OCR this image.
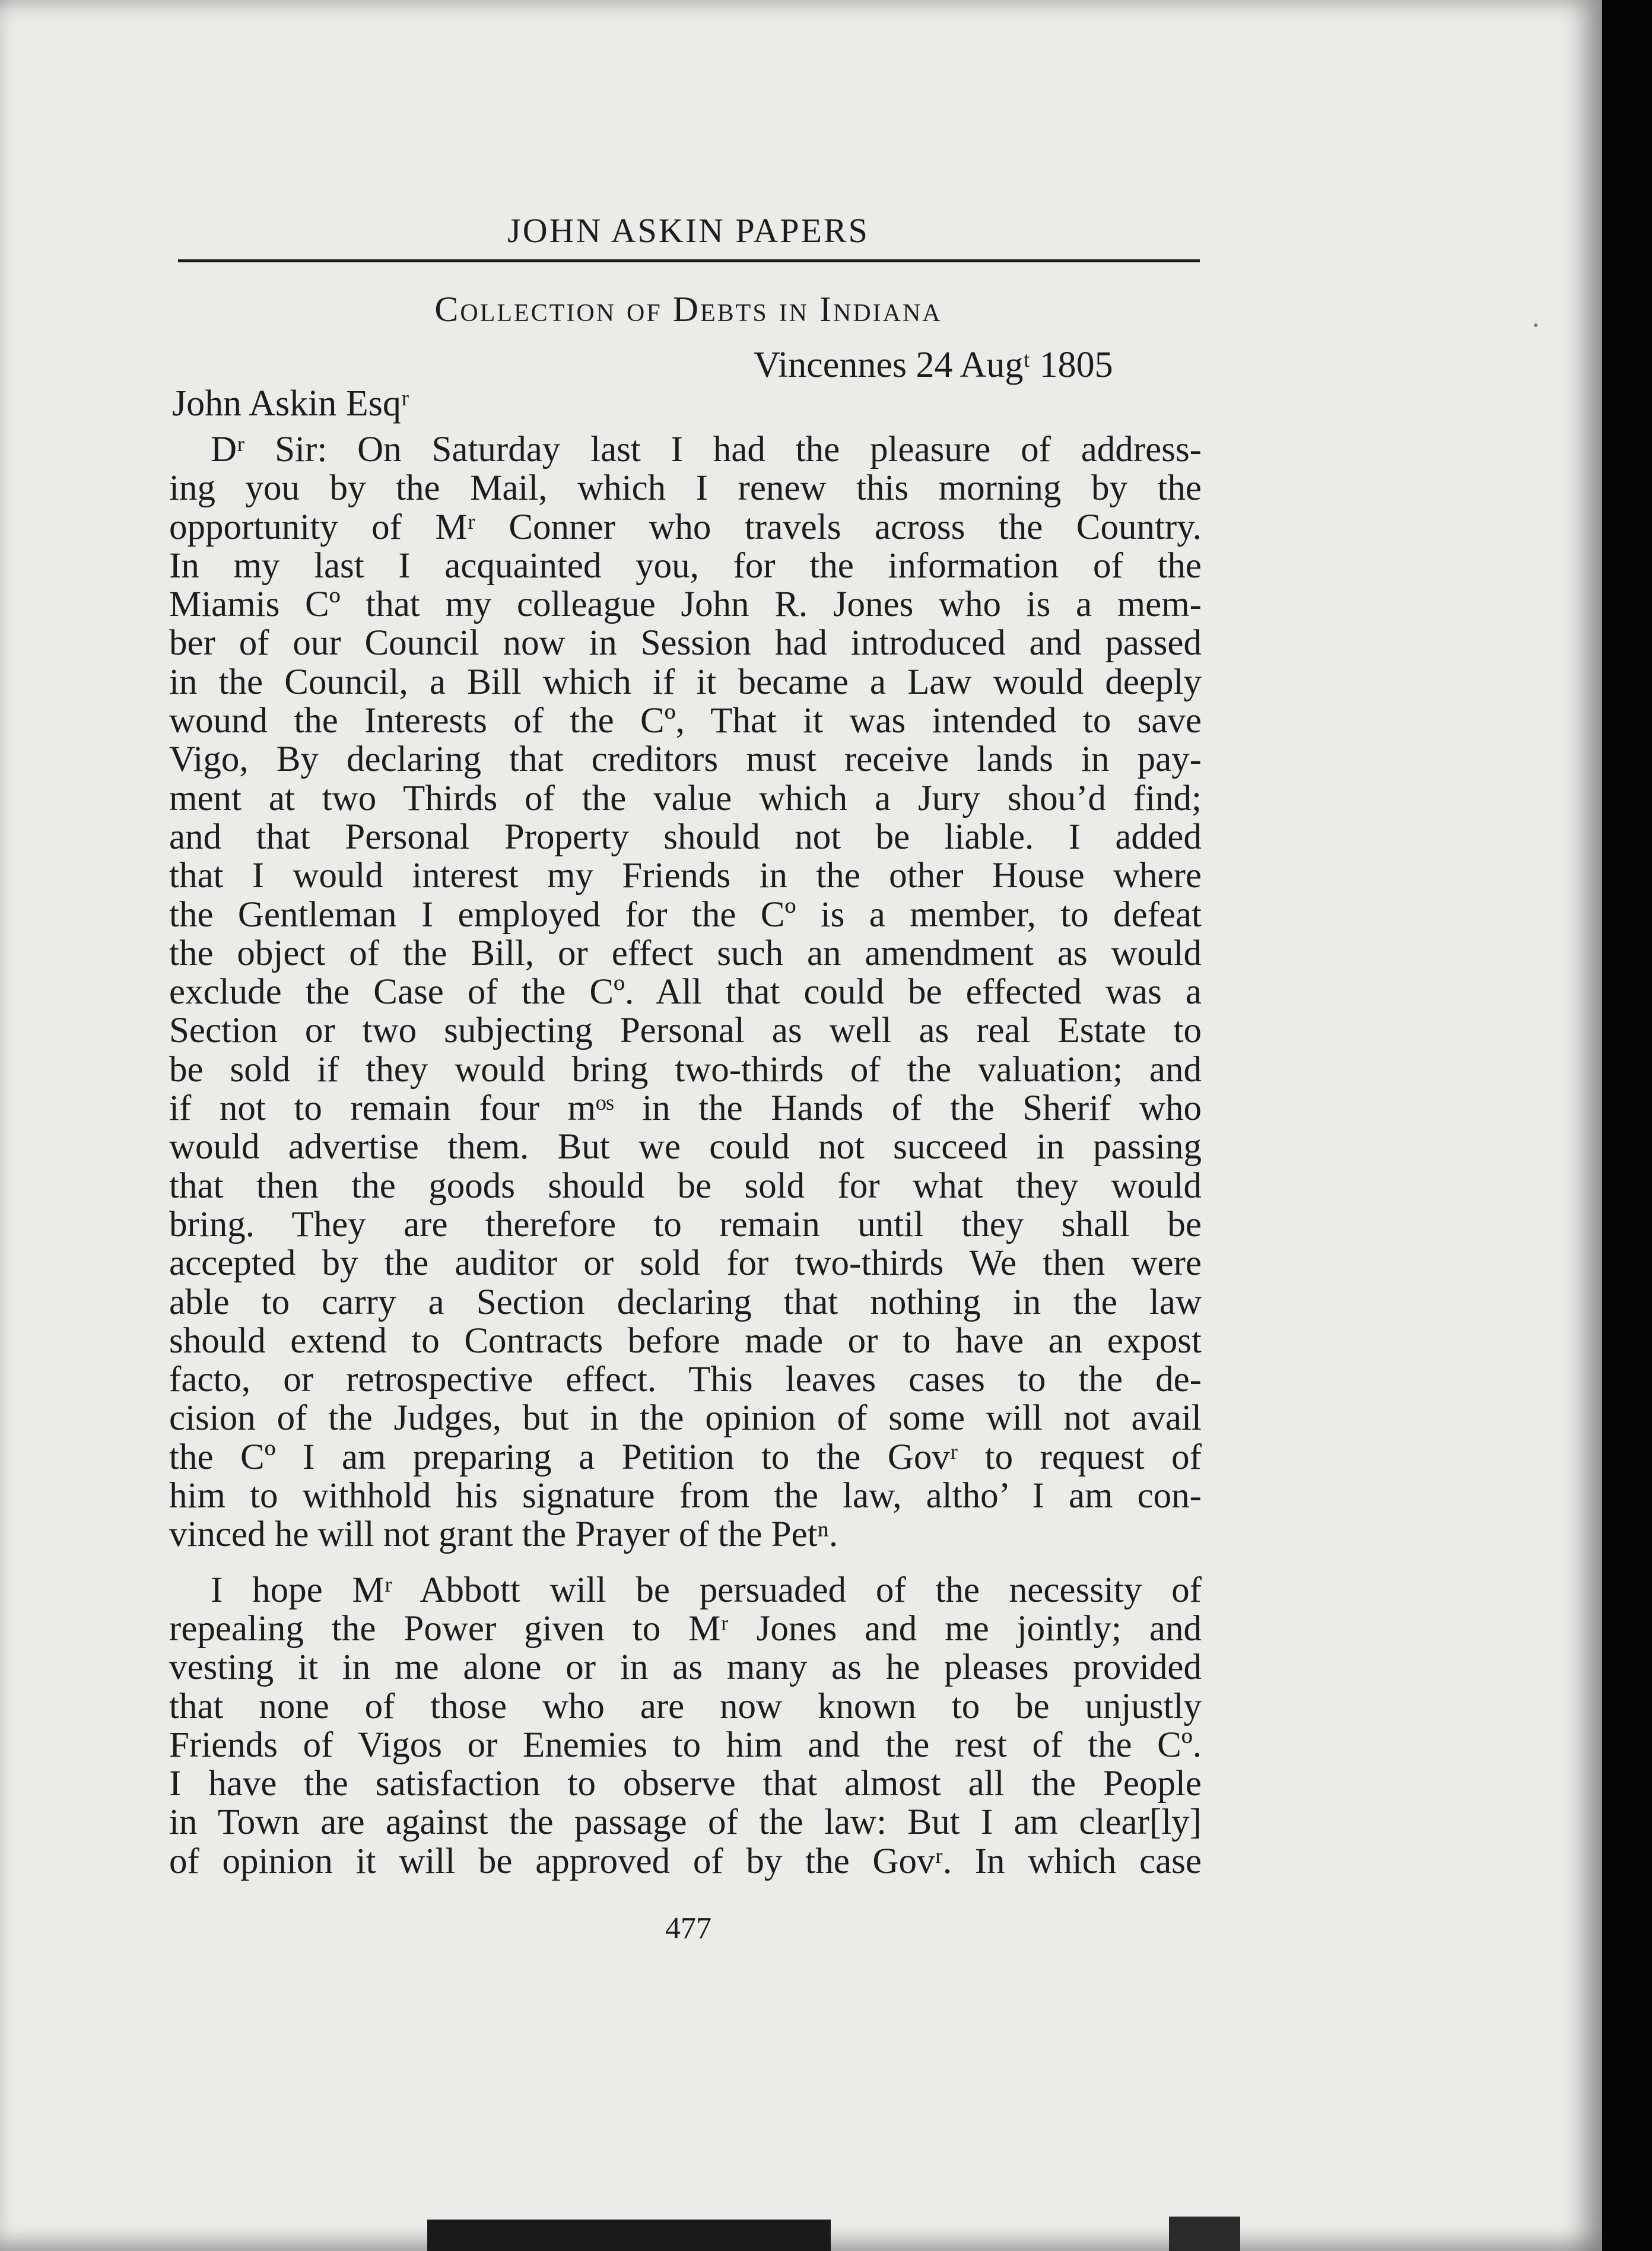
JOHN ASKIN PAPERS
Collection of Debts in Indiana
Vincennes 24 Augᵗ 1805
John Askin Esqʳ
Dʳ Sir: On Saturday last I had the pleasure of address-
ing you by the Mail, which I renew this morning by the
opportunity of Mʳ Conner who travels across the Country.
In my last I acquainted you, for the information of the
Miamis Cº that my colleague John R. Jones who is a mem-
ber of our Council now in Session had introduced and passed
in the Council, a Bill which if it became a Law would deeply
wound the Interests of the Cº, That it was intended to save
Vigo, By declaring that creditors must receive lands in pay-
ment at two Thirds of the value which a Jury shou’d find;
and that Personal Property should not be liable. I added
that I would interest my Friends in the other House where
the Gentleman I employed for the Cº is a member, to defeat
the object of the Bill, or effect such an amendment as would
exclude the Case of the Cº. All that could be effected was a
Section or two subjecting Personal as well as real Estate to
be sold if they would bring two-thirds of the valuation; and
if not to remain four mᵒˢ in the Hands of the Sherif who
would advertise them. But we could not succeed in passing
that then the goods should be sold for what they would
bring. They are therefore to remain until they shall be
accepted by the auditor or sold for two-thirds We then were
able to carry a Section declaring that nothing in the law
should extend to Contracts before made or to have an expost
facto, or retrospective effect. This leaves cases to the de-
cision of the Judges, but in the opinion of some will not avail
the Cº I am preparing a Petition to the Govʳ to request of
him to withhold his signature from the law, altho’ I am con-
vinced he will not grant the Prayer of the Petⁿ.
I hope Mʳ Abbott will be persuaded of the necessity of
repealing the Power given to Mʳ Jones and me jointly; and
vesting it in me alone or in as many as he pleases provided
that none of those who are now known to be unjustly
Friends of Vigos or Enemies to him and the rest of the Cº.
I have the satisfaction to observe that almost all the People
in Town are against the passage of the law: But I am clear[ly]
of opinion it will be approved of by the Govʳ. In which case
477
